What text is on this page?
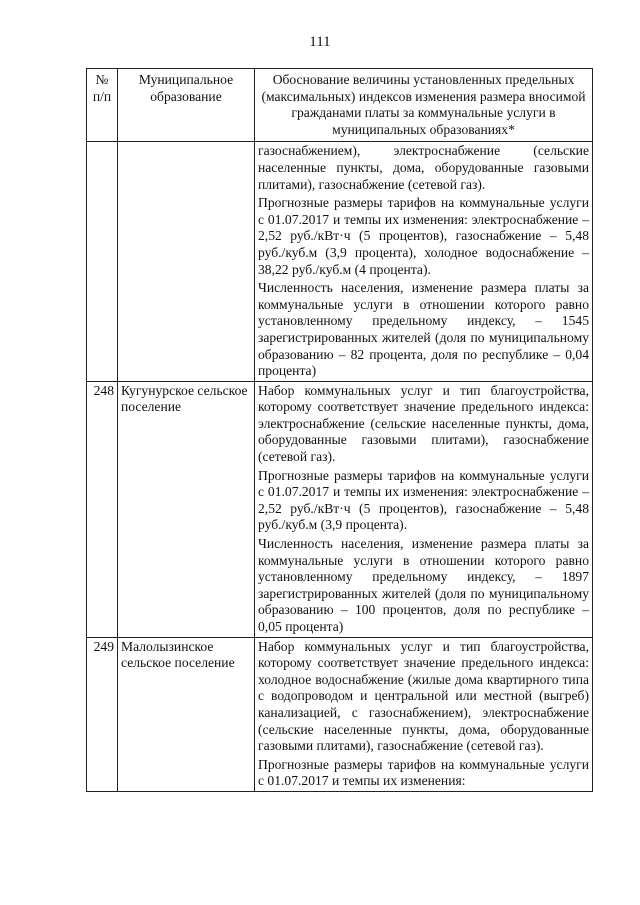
111
№ п/п	Муниципальное образование	Обоснование величины установленных предельных (максимальных) индексов изменения размера вносимой гражданами платы за коммунальные услуги в муниципальных образованиях*

		газоснабжением), электроснабжение (сельские населенные пункты, дома, оборудованные газовыми плитами), газоснабжение (сетевой газ).

Прогнозные размеры тарифов на коммунальные услуги с 01.07.2017 и темпы их изменения: электроснабжение – 2,52 руб./кВт·ч (5 процентов), газоснабжение – 5,48 руб./куб.м (3,9 процента), холодное водоснабжение – 38,22 руб./куб.м (4 процента).

Численность населения, изменение размера платы за коммунальные услуги в отношении которого равно установленному предельному индексу, – 1545 зарегистрированных жителей (доля по муниципальному образованию – 82 процента, доля по республике – 0,04 процента)

248	Кугунурское сельское поселение	Набор коммунальных услуг и тип благоустройства, которому соответствует значение предельного индекса: электроснабжение (сельские населенные пункты, дома, оборудованные газовыми плитами), газоснабжение (сетевой газ).

Прогнозные размеры тарифов на коммунальные услуги с 01.07.2017 и темпы их изменения: электроснабжение – 2,52 руб./кВт·ч (5 процентов), газоснабжение – 5,48 руб./куб.м (3,9 процента).

Численность населения, изменение размера платы за коммунальные услуги в отношении которого равно установленному предельному индексу, – 1897 зарегистрированных жителей (доля по муниципальному образованию – 100 процентов, доля по республике – 0,05 процента)

249	Малолызинское сельское поселение	Набор коммунальных услуг и тип благоустройства, которому соответствует значение предельного индекса: холодное водоснабжение (жилые дома квартирного типа с водопроводом и центральной или местной (выгреб) канализацией, с газоснабжением), электроснабжение (сельские населенные пункты, дома, оборудованные газовыми плитами), газоснабжение (сетевой газ).

Прогнозные размеры тарифов на коммунальные услуги с 01.07.2017 и темпы их изменения:
